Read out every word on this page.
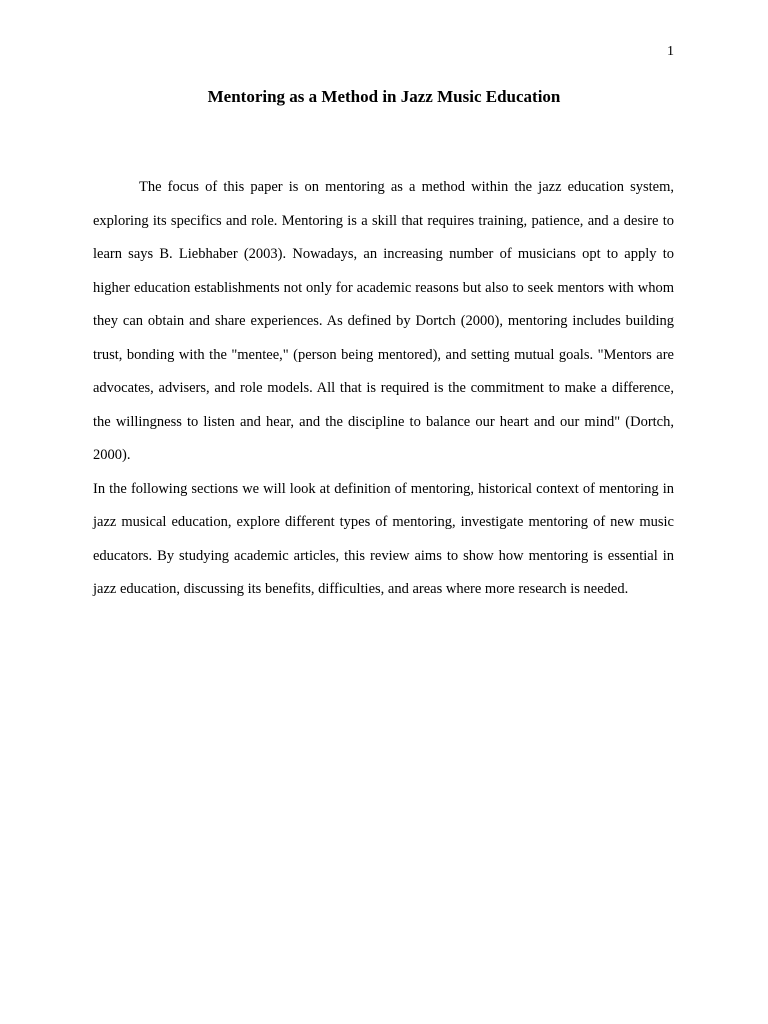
1
Mentoring as a Method in Jazz Music Education

The focus of this paper is on mentoring as a method within the jazz education system, exploring its specifics and role. Mentoring is a skill that requires training, patience, and a desire to learn says B. Liebhaber (2003). Nowadays, an increasing number of musicians opt to apply to higher education establishments not only for academic reasons but also to seek mentors with whom they can obtain and share experiences. As defined by Dortch (2000), mentoring includes building trust, bonding with the "mentee," (person being mentored), and setting mutual goals. "Mentors are advocates, advisers, and role models. All that is required is the commitment to make a difference, the willingness to listen and hear, and the discipline to balance our heart and our mind" (Dortch, 2000).

In the following sections we will look at definition of mentoring, historical context of mentoring in jazz musical education, explore different types of mentoring, investigate mentoring of new music educators. By studying academic articles, this review aims to show how mentoring is essential in jazz education, discussing its benefits, difficulties, and areas where more research is needed.
